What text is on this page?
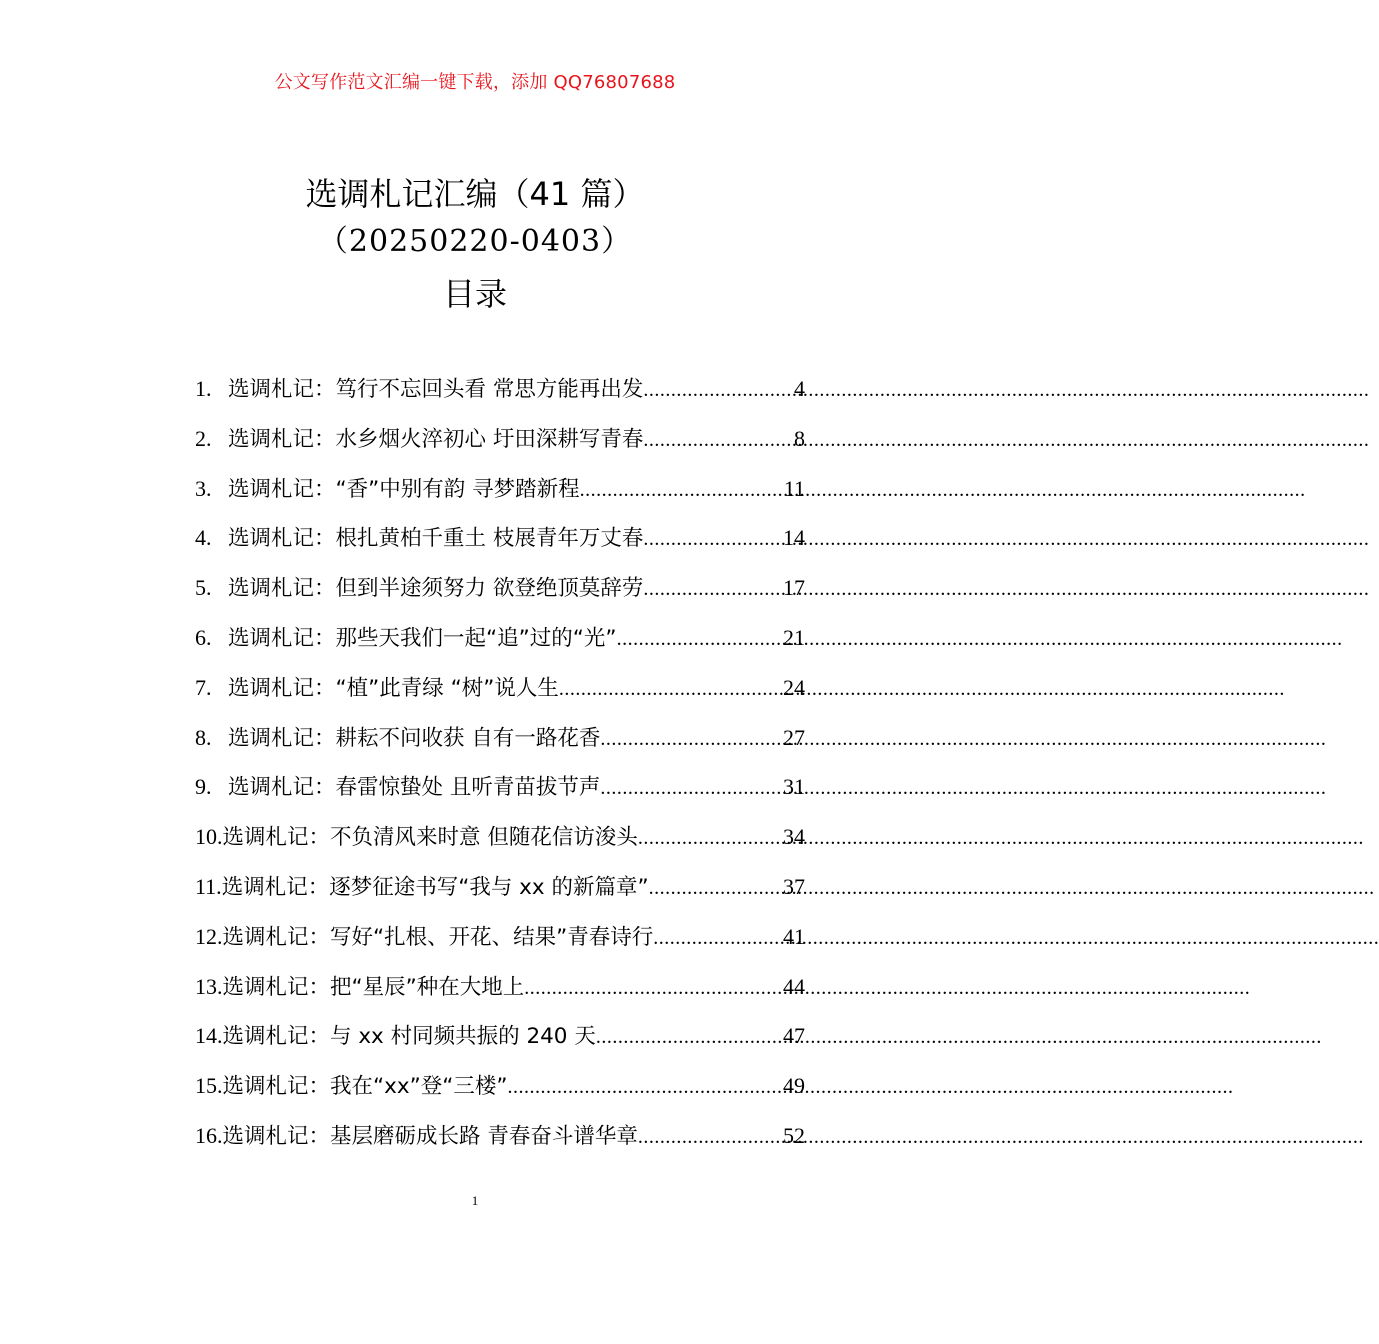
公文写作范文汇编一键下载，添加 QQ76807688
选调札记汇编（41 篇）
（20250220-0403）
目录
1. 选调札记：笃行不忘回头看 常思方能再出发 .....	4
2. 选调札记：水乡烟火淬初心 圩田深耕写青春 .....	8
3. 选调札记：“香”中别有韵 寻梦踏新程 .....	11
4. 选调札记：根扎黄柏千重土 枝展青年万丈春 .....	14
5. 选调札记：但到半途须努力 欲登绝顶莫辞劳 .....	17
6. 选调札记：那些天我们一起“追”过的“光” .....	21
7. 选调札记：“植”此青绿 “树”说人生 .....	24
8. 选调札记：耕耘不问收获 自有一路花香 .....	27
9. 选调札记：春雷惊蛰处 且听青苗拔节声 .....	31
10. 选调札记：不负清风来时意 但随花信访浚头 .....	34
11. 选调札记：逐梦征途书写“我与 xx 的新篇章” .....	37
12. 选调札记：写好“扎根、开花、结果”青春诗行 .....	41
13. 选调札记：把“星辰”种在大地上 .....	44
14. 选调札记：与 xx 村同频共振的 240 天 .....	47
15. 选调札记：我在“xx”登“三楼” .....	49
16. 选调札记：基层磨砺成长路 青春奋斗谱华章 .....	52
1
